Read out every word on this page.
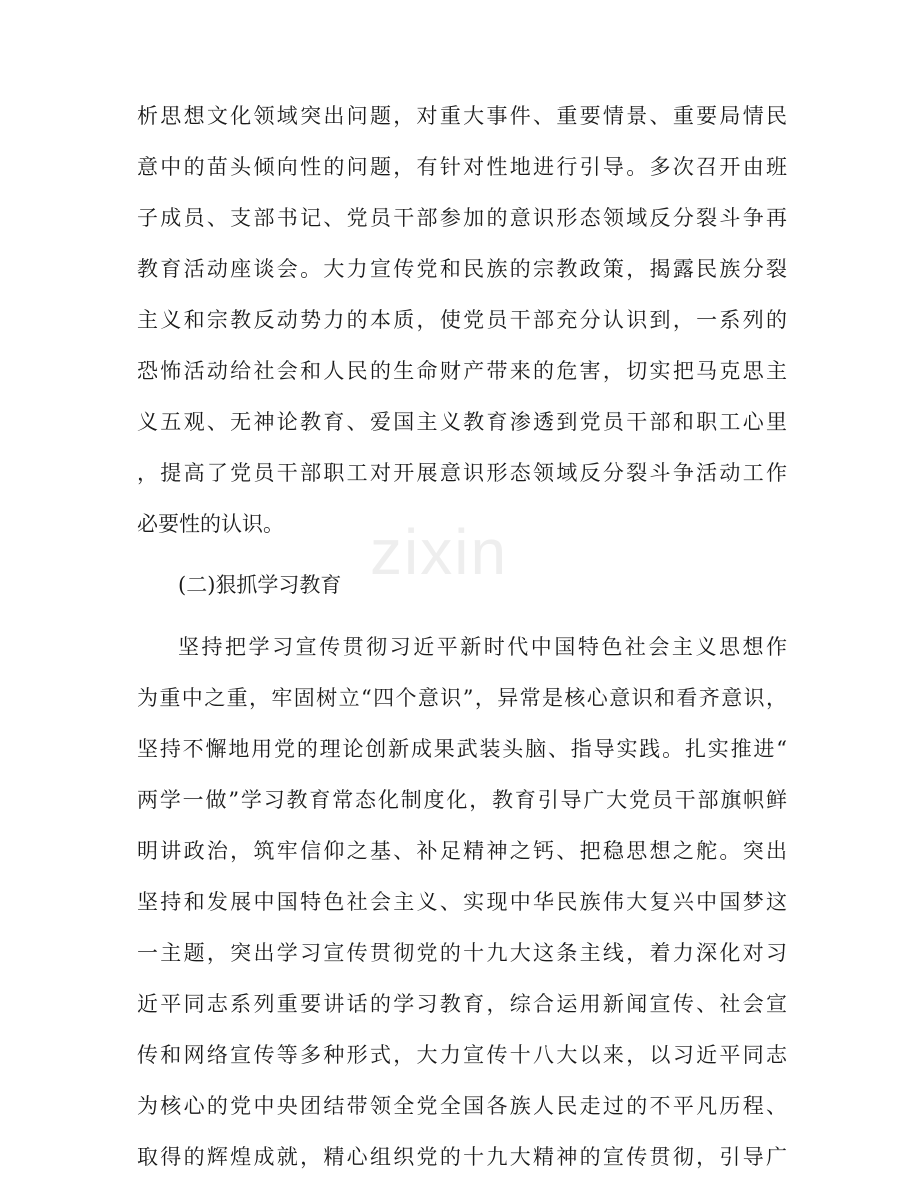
zixin
析思想文化领域突出问题，对重大事件、重要情景、重要局情民
意中的苗头倾向性的问题，有针对性地进行引导。多次召开由班
子成员、支部书记、党员干部参加的意识形态领域反分裂斗争再
教育活动座谈会。大力宣传党和民族的宗教政策，揭露民族分裂
主义和宗教反动势力的本质，使党员干部充分认识到，一系列的
恐怖活动给社会和人民的生命财产带来的危害，切实把马克思主
义五观、无神论教育、爱国主义教育渗透到党员干部和职工心里
，提高了党员干部职工对开展意识形态领域反分裂斗争活动工作
必要性的认识。
(二)狠抓学习教育
坚持把学习宣传贯彻习近平新时代中国特色社会主义思想作
为重中之重，牢固树立“四个意识”，异常是核心意识和看齐意识，
坚持不懈地用党的理论创新成果武装头脑、指导实践。扎实推进“
两学一做”学习教育常态化制度化，教育引导广大党员干部旗帜鲜
明讲政治，筑牢信仰之基、补足精神之钙、把稳思想之舵。突出
坚持和发展中国特色社会主义、实现中华民族伟大复兴中国梦这
一主题，突出学习宣传贯彻党的十九大这条主线，着力深化对习
近平同志系列重要讲话的学习教育，综合运用新闻宣传、社会宣
传和网络宣传等多种形式，大力宣传十八大以来，以习近平同志
为核心的党中央团结带领全党全国各族人民走过的不平凡历程、
取得的辉煌成就，精心组织党的十九大精神的宣传贯彻，引导广
